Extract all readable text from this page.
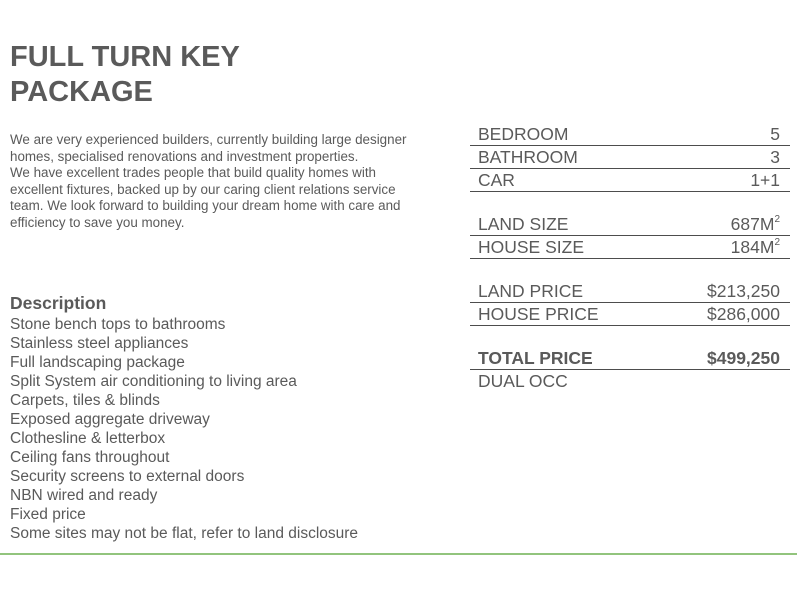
FULL TURN KEY
PACKAGE

We are very experienced builders, currently building large designer homes, specialised renovations and investment properties.

We have excellent trades people that build quality homes with excellent fixtures, backed up by our caring client relations service team. We look forward to building your dream home with care and efficiency to save you money.

Description
Stone bench tops to bathrooms
Stainless steel appliances
Full landscaping package
Split System air conditioning to living area
Carpets, tiles & blinds
Exposed aggregate driveway
Clothesline & letterbox
Ceiling fans throughout
Security screens to external doors
NBN wired and ready
Fixed price
Some sites may not be flat, refer to land disclosure
BEDROOM	5
BATHROOM	3
CAR	1+1
LAND SIZE	$687M^2$
HOUSE SIZE	$184M^2$
LAND PRICE	$213,250
HOUSE PRICE	$286,000
TOTAL PRICE	$499,250
DUAL OCC
